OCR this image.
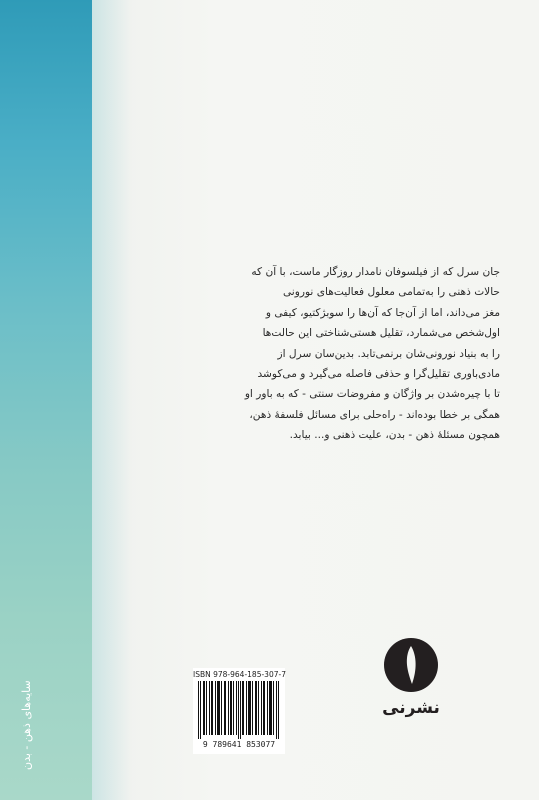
سایه‌های ذهن - بدن

جان سرل که از فیلسوفان نامدار روزگار ماست، با آن که

حالات ذهنی را به‌تمامی معلول فعالیت‌های نورونی

مغز می‌داند، اما از آن‌جا که آن‌ها را سوبژکتیو، کیفی و

اول‌شخص می‌شمارد، تقلیل هستی‌شناختی این حالت‌ها

را به بنیاد نورونی‌شان برنمی‌تابد. بدین‌سان سرل از

مادی‌باوری تقلیل‌گرا و حذفی فاصله می‌گیرد و می‌کوشد

تا با چیره‌شدن بر واژگان و مفروضات سنتی - که به باور او

همگی بر خطا بوده‌اند - راه‌حلی برای مسائل فلسفهٔ ذهن،

همچون مسئلهٔ ذهن - بدن، علیت ذهنی و... بیابد.

ISBN 978-964-185-307-7
9 789641 853077
نشرنی
